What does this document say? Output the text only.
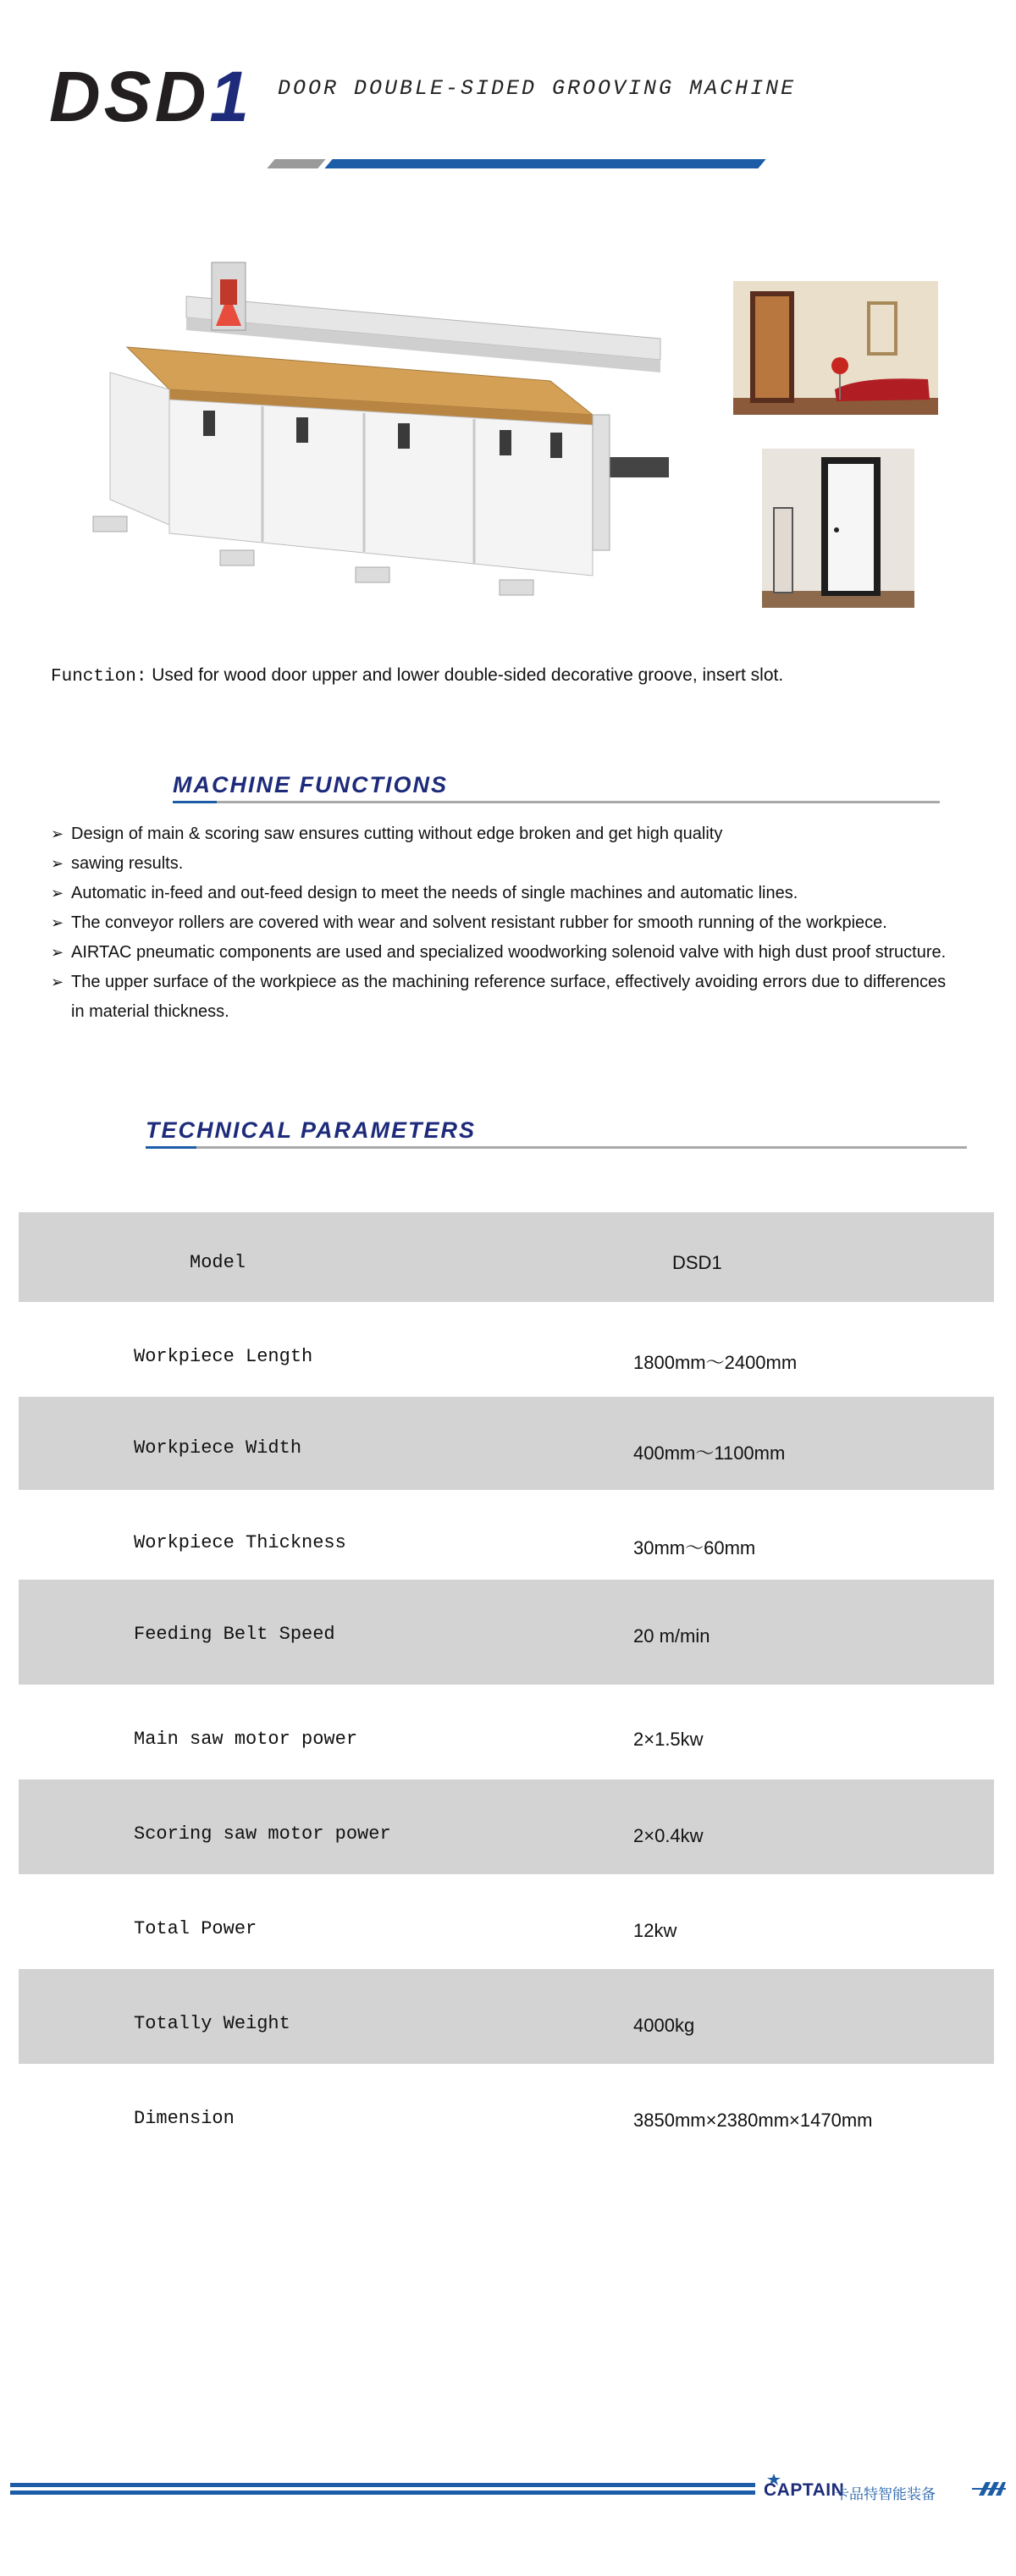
DSD1 DOOR DOUBLE-SIDED GROOVING MACHINE
Function: Used for wood door upper and lower double-sided decorative groove, insert slot.
MACHINE FUNCTIONS
➢ Design of main & scoring saw ensures cutting without edge broken and get high quality
➢ sawing results.
➢ Automatic in-feed and out-feed design to meet the needs of single machines and automatic lines.
➢ The conveyor rollers are covered with wear and solvent resistant rubber for smooth running of the workpiece.
➢ AIRTAC pneumatic components are used and specialized woodworking solenoid valve with high dust proof structure.
➢ The upper surface of the workpiece as the machining reference surface, effectively avoiding errors due to differences in material thickness.
TECHNICAL PARAMETERS
Model	DSD1
Workpiece Length	1800mm～2400mm
Workpiece Width	400mm～1100mm
Workpiece Thickness	30mm～60mm
Feeding Belt Speed	20 m/min
Main saw motor power	2×1.5kw
Scoring saw motor power	2×0.4kw
Total Power	12kw
Totally Weight	4000kg
Dimension	3850mm×2380mm×1470mm
CAPTAIN
卡品特智能装备
